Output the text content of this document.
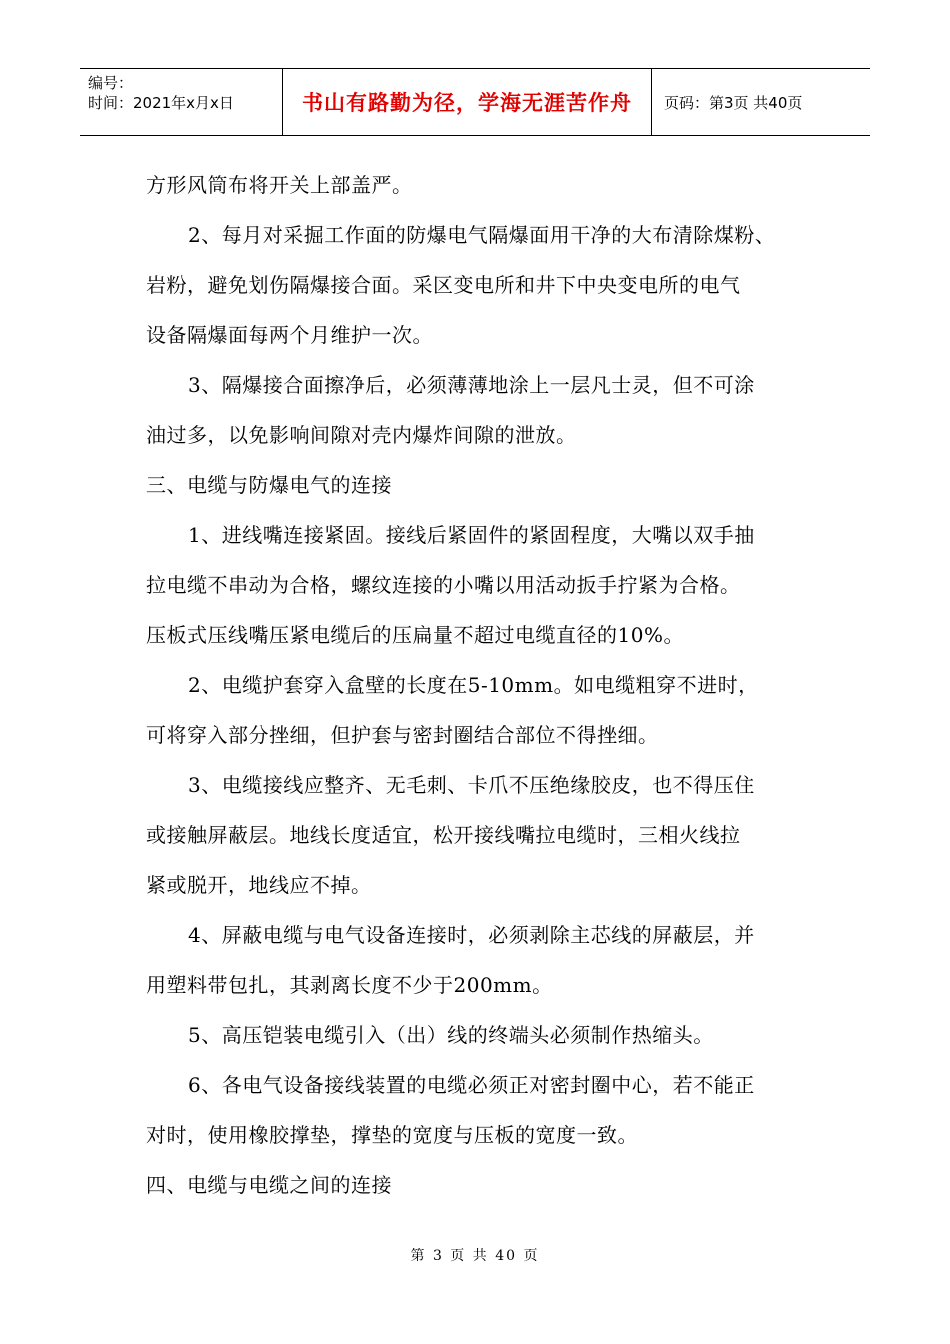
编号：
时间：2021年x月x日	书山有路勤为径，学海无涯苦作舟	页码：第3页 共40页
方形风筒布将开关上部盖严。
2、每月对采掘工作面的防爆电气隔爆面用干净的大布清除煤粉、
岩粉，避免划伤隔爆接合面。采区变电所和井下中央变电所的电气
设备隔爆面每两个月维护一次。
3、隔爆接合面擦净后，必须薄薄地涂上一层凡士灵，但不可涂
油过多，以免影响间隙对壳内爆炸间隙的泄放。
三、电缆与防爆电气的连接
1、进线嘴连接紧固。接线后紧固件的紧固程度，大嘴以双手抽
拉电缆不串动为合格，螺纹连接的小嘴以用活动扳手拧紧为合格。
压板式压线嘴压紧电缆后的压扁量不超过电缆直径的10%。
2、电缆护套穿入盒壁的长度在5-10mm。如电缆粗穿不进时，
可将穿入部分挫细，但护套与密封圈结合部位不得挫细。
3、电缆接线应整齐、无毛刺、卡爪不压绝缘胶皮，也不得压住
或接触屏蔽层。地线长度适宜，松开接线嘴拉电缆时，三相火线拉
紧或脱开，地线应不掉。
4、屏蔽电缆与电气设备连接时，必须剥除主芯线的屏蔽层，并
用塑料带包扎，其剥离长度不少于200mm。
5、高压铠装电缆引入（出）线的终端头必须制作热缩头。
6、各电气设备接线装置的电缆必须正对密封圈中心，若不能正
对时，使用橡胶撑垫，撑垫的宽度与压板的宽度一致。
四、电缆与电缆之间的连接
第 3 页 共 40 页
